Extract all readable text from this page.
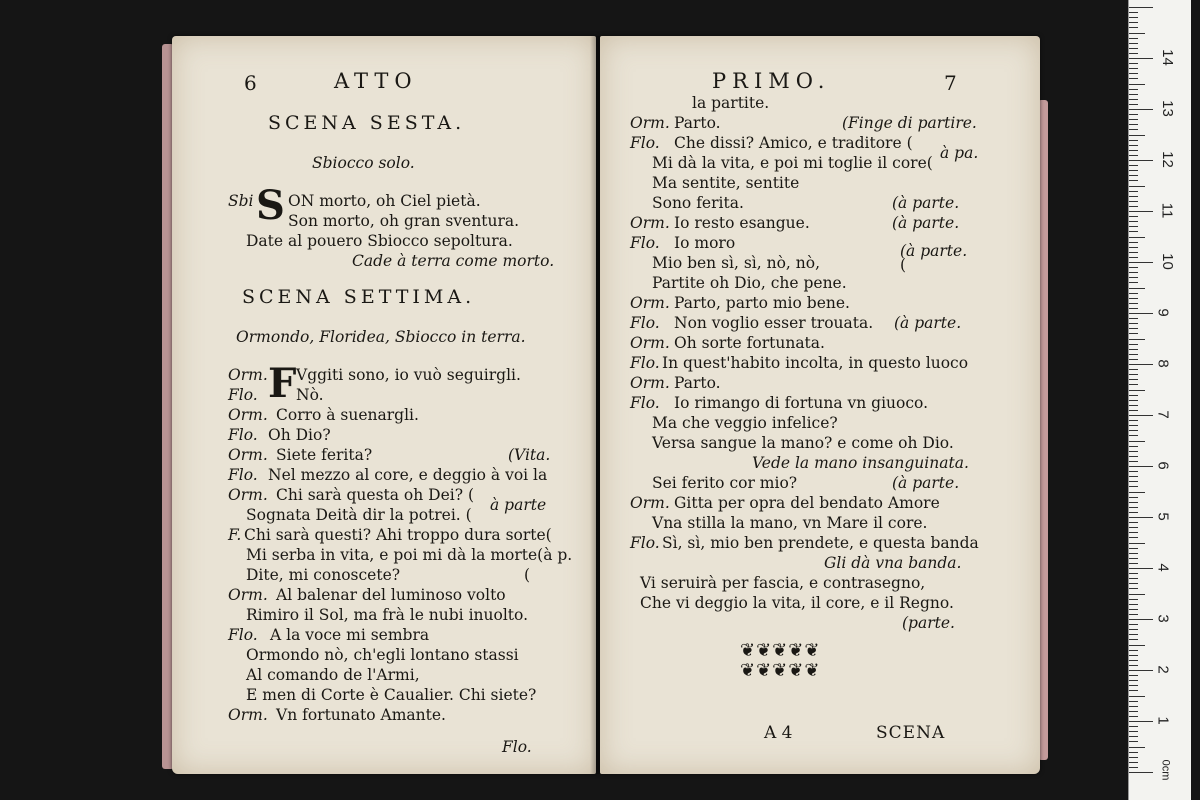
6	ATTO
SCENA SESTA.
Sbiocco solo.
Sbi S ON morto, oh Ciel pietà.
Son morto, oh gran sventura.
Date al pouero Sbiocco sepoltura.
Cade à terra come morto.
SCENA SETTIMA.
Ormondo, Floridea, Sbiocco in terra.
Orm. F Vggiti sono, io vuò seguirgli.
Flo. Nò.
Orm. Corro à suenargli.
Flo. Oh Dio?
Orm. Siete ferita?	(Vita.
Flo. Nel mezzo al core, e deggio à voi la
Orm. Chi sarà questa oh Dei? (
à parte
Sognata Deità dir la potrei. (
F. Chi sarà questi? Ahi troppo dura sorte(
Mi serba in vita, e poi mi dà la morte(à p.
Dite, mi conoscete?	(
Orm. Al balenar del luminoso volto
Rimiro il Sol, ma frà le nubi inuolto.
Flo. A la voce mi sembra
Ormondo nò, ch'egli lontano stassi
Al comando de l'Armi,
E men di Corte è Caualier. Chi siete?
Orm. Vn fortunato Amante.
Flo.
PRIMO.	7
la partite.
Orm. Parto.	(Finge di partire.
Flo. Che dissi? Amico, e traditore (
à pa.
Mi dà la vita, e poi mi toglie il core(
Ma sentite, sentite
Sono ferita.	(à parte.
Orm. Io resto esangue.	(à parte.
Flo. Io moro	(à parte.
Mio ben sì, sì, nò, nò,	(
Partite oh Dio, che pene.
Orm. Parto, parto mio bene.
Flo. Non voglio esser trouata. (à parte.
Orm. Oh sorte fortunata.
Flo. In quest'habito incolta, in questo luoco
Orm. Parto.
Flo. Io rimango di fortuna vn giuoco.
Ma che veggio infelice?
Versa sangue la mano? e come oh Dio.
Vede la mano insanguinata.
Sei ferito cor mio?	(à parte.
Orm. Gitta per opra del bendato Amore
Vna stilla la mano, vn Mare il core.
Flo. Sì, sì, mio ben prendete, e questa banda
Gli dà vna banda.
Vi seruirà per fascia, e contrasegno,
Che vi deggio la vita, il core, e il Regno.
(parte.
❦❦❦❦❦
❦❦❦❦❦
A 4	SCENA
0cm
1
2
3
4
5
6
7
8
9
10
11
12
13
14
